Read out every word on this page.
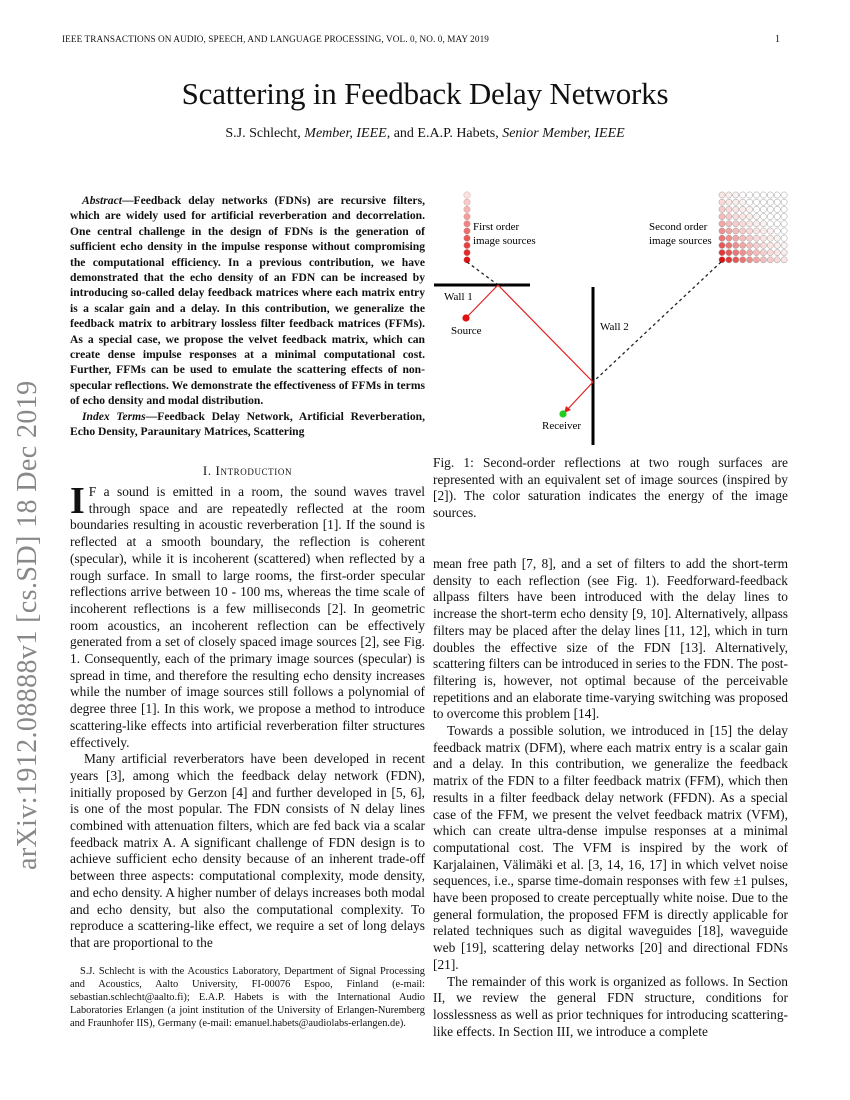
IEEE TRANSACTIONS ON AUDIO, SPEECH, AND LANGUAGE PROCESSING, VOL. 0, NO. 0, MAY 2019	1
Scattering in Feedback Delay Networks
S.J. Schlecht, Member, IEEE, and E.A.P. Habets, Senior Member, IEEE
arXiv:1912.08888v1 [cs.SD] 18 Dec 2019
Abstract—Feedback delay networks (FDNs) are recursive filters, which are widely used for artificial reverberation and decorrelation. One central challenge in the design of FDNs is the generation of sufficient echo density in the impulse response without compromising the computational efficiency. In a previous contribution, we have demonstrated that the echo density of an FDN can be increased by introducing so-called delay feedback matrices where each matrix entry is a scalar gain and a delay. In this contribution, we generalize the feedback matrix to arbitrary lossless filter feedback matrices (FFMs). As a special case, we propose the velvet feedback matrix, which can create dense impulse responses at a minimal computational cost. Further, FFMs can be used to emulate the scattering effects of non-specular reflections. We demonstrate the effectiveness of FFMs in terms of echo density and modal distribution.
Index Terms—Feedback Delay Network, Artificial Reverberation, Echo Density, Paraunitary Matrices, Scattering
I. Introduction

I F a sound is emitted in a room, the sound waves travel through space and are repeatedly reflected at the room boundaries resulting in acoustic reverberation [1]. If the sound is reflected at a smooth boundary, the reflection is coherent (specular), while it is incoherent (scattered) when reflected by a rough surface. In small to large rooms, the first-order specular reflections arrive between 10 - 100 ms, whereas the time scale of incoherent reflections is a few milliseconds [2]. In geometric room acoustics, an incoherent reflection can be effectively generated from a set of closely spaced image sources [2], see Fig. 1. Consequently, each of the primary image sources (specular) is spread in time, and therefore the resulting echo density increases while the number of image sources still follows a polynomial of degree three [1]. In this work, we propose a method to introduce scattering-like effects into artificial reverberation filter structures effectively.

Many artificial reverberators have been developed in recent years [3], among which the feedback delay network (FDN), initially proposed by Gerzon [4] and further developed in [5, 6], is one of the most popular. The FDN consists of N delay lines combined with attenuation filters, which are fed back via a scalar feedback matrix A. A significant challenge of FDN design is to achieve sufficient echo density because of an inherent trade-off between three aspects: computational complexity, mode density, and echo density. A higher number of delays increases both modal and echo density, but also the computational complexity. To reproduce a scattering-like effect, we require a set of long delays that are proportional to the

S.J. Schlecht is with the Acoustics Laboratory, Department of Signal Processing and Acoustics, Aalto University, FI-00076 Espoo, Finland (e-mail: sebastian.schlecht@aalto.fi); E.A.P. Habets is with the International Audio Laboratories Erlangen (a joint institution of the University of Erlangen-Nuremberg and Fraunhofer IIS), Germany (e-mail: emanuel.habets@audiolabs-erlangen.de).
First order
image sources
Second order
image sources
Wall 1
Wall 2
Source
Receiver
Fig. 1: Second-order reflections at two rough surfaces are represented with an equivalent set of image sources (inspired by [2]). The color saturation indicates the energy of the image sources.

mean free path [7, 8], and a set of filters to add the short-term density to each reflection (see Fig. 1). Feedforward-feedback allpass filters have been introduced with the delay lines to increase the short-term echo density [9, 10]. Alternatively, allpass filters may be placed after the delay lines [11, 12], which in turn doubles the effective size of the FDN [13]. Alternatively, scattering filters can be introduced in series to the FDN. The post-filtering is, however, not optimal because of the perceivable repetitions and an elaborate time-varying switching was proposed to overcome this problem [14].

Towards a possible solution, we introduced in [15] the delay feedback matrix (DFM), where each matrix entry is a scalar gain and a delay. In this contribution, we generalize the feedback matrix of the FDN to a filter feedback matrix (FFM), which then results in a filter feedback delay network (FFDN). As a special case of the FFM, we present the velvet feedback matrix (VFM), which can create ultra-dense impulse responses at a minimal computational cost. The VFM is inspired by the work of Karjalainen, Välimäki et al. [3, 14, 16, 17] in which velvet noise sequences, i.e., sparse time-domain responses with few ±1 pulses, have been proposed to create perceptually white noise. Due to the general formulation, the proposed FFM is directly applicable for related techniques such as digital waveguides [18], waveguide web [19], scattering delay networks [20] and directional FDNs [21].

The remainder of this work is organized as follows. In Section II, we review the general FDN structure, conditions for losslessness as well as prior techniques for introducing scattering-like effects. In Section III, we introduce a complete
